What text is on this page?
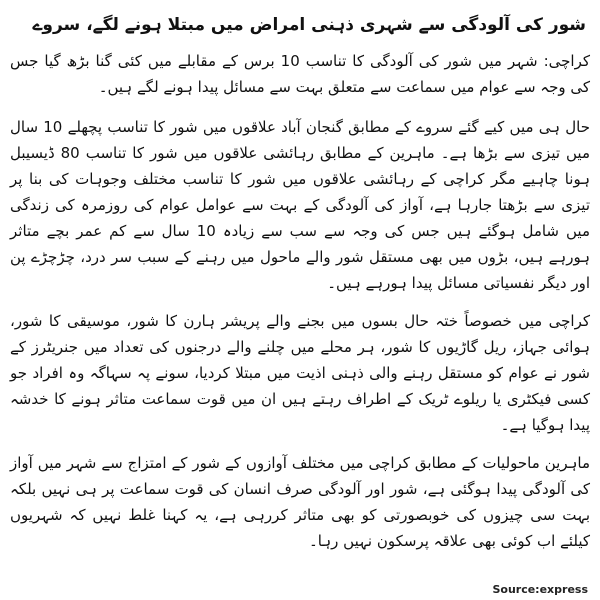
شور کی آلودگی سے شہری ذہنی امراض میں مبتلا ہونے لگے، سروے

کراچی: شہر میں شور کی آلودگی کا تناسب 10 برس کے مقابلے میں کئی گنا بڑھ گیا جس کی وجہ سے عوام میں سماعت سے متعلق بہت سے مسائل پیدا ہونے لگے ہیں۔

حال ہی میں کیے گئے سروے کے مطابق گنجان آباد علاقوں میں شور کا تناسب پچھلے 10 سال میں تیزی سے بڑھا ہے۔ ماہرین کے مطابق رہائشی علاقوں میں شور کا تناسب 80 ڈیسیبل ہونا چاہیے مگر کراچی کے رہائشی علاقوں میں شور کا تناسب مختلف وجوہات کی بنا پر تیزی سے بڑھتا جارہا ہے، آواز کی آلودگی کے بہت سے عوامل عوام کی روزمرہ کی زندگی میں شامل ہوگئے ہیں جس کی وجہ سے سب سے زیادہ 10 سال سے کم عمر بچے متاثر ہورہے ہیں، بڑوں میں بھی مستقل شور والے ماحول میں رہنے کے سبب سر درد، چڑچڑے پن اور دیگر نفسیاتی مسائل پیدا ہورہے ہیں۔

کراچی میں خصوصاً ختہ حال بسوں میں بجنے والے پریشر ہارن کا شور، موسیقی کا شور، ہوائی جہاز، ریل گاڑیوں کا شور، ہر محلے میں چلنے والے درجنوں کی تعداد میں جنریٹرز کے شور نے عوام کو مستقل رہنے والی ذہنی اذیت میں مبتلا کردیا، سونے پہ سہاگہ وہ افراد جو کسی فیکٹری یا ریلوے ٹریک کے اطراف رہتے ہیں ان میں قوت سماعت متاثر ہونے کا خدشہ پیدا ہوگیا ہے۔

ماہرین ماحولیات کے مطابق کراچی میں مختلف آوازوں کے شور کے امتزاج سے شہر میں آواز کی آلودگی پیدا ہوگئی ہے، شور اور آلودگی صرف انسان کی قوت سماعت پر ہی نہیں بلکہ بہت سی چیزوں کی خوبصورتی کو بھی متاثر کررہی ہے، یہ کہنا غلط نہیں کہ شہریوں کیلئے اب کوئی بھی علاقہ پرسکون نہیں رہا۔

Source:express
